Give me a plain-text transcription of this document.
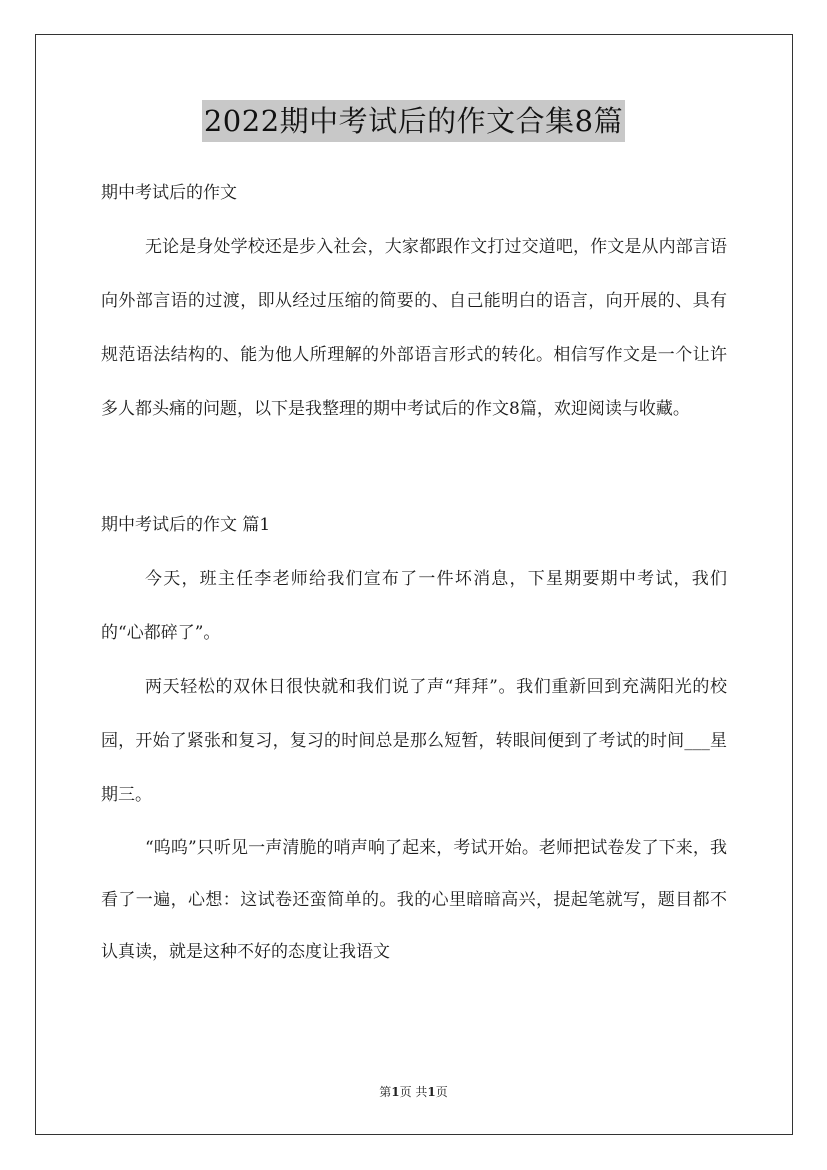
2022期中考试后的作文合集8篇

期中考试后的作文

无论是身处学校还是步入社会，大家都跟作文打过交道吧，作文是从内部言语向外部言语的过渡，即从经过压缩的简要的、自己能明白的语言，向开展的、具有规范语法结构的、能为他人所理解的外部语言形式的转化。相信写作文是一个让许多人都头痛的问题，以下是我整理的期中考试后的作文8篇，欢迎阅读与收藏。

期中考试后的作文 篇1

今天，班主任李老师给我们宣布了一件坏消息，下星期要期中考试，我们的“心都碎了”。

两天轻松的双休日很快就和我们说了声“拜拜”。我们重新回到充满阳光的校园，开始了紧张和复习，复习的时间总是那么短暂，转眼间便到了考试的时间___星期三。

“呜呜”只听见一声清脆的哨声响了起来，考试开始。老师把试卷发了下来，我看了一遍，心想：这试卷还蛮简单的。我的心里暗暗高兴，提起笔就写，题目都不认真读，就是这种不好的态度让我语文

第1页 共1页
